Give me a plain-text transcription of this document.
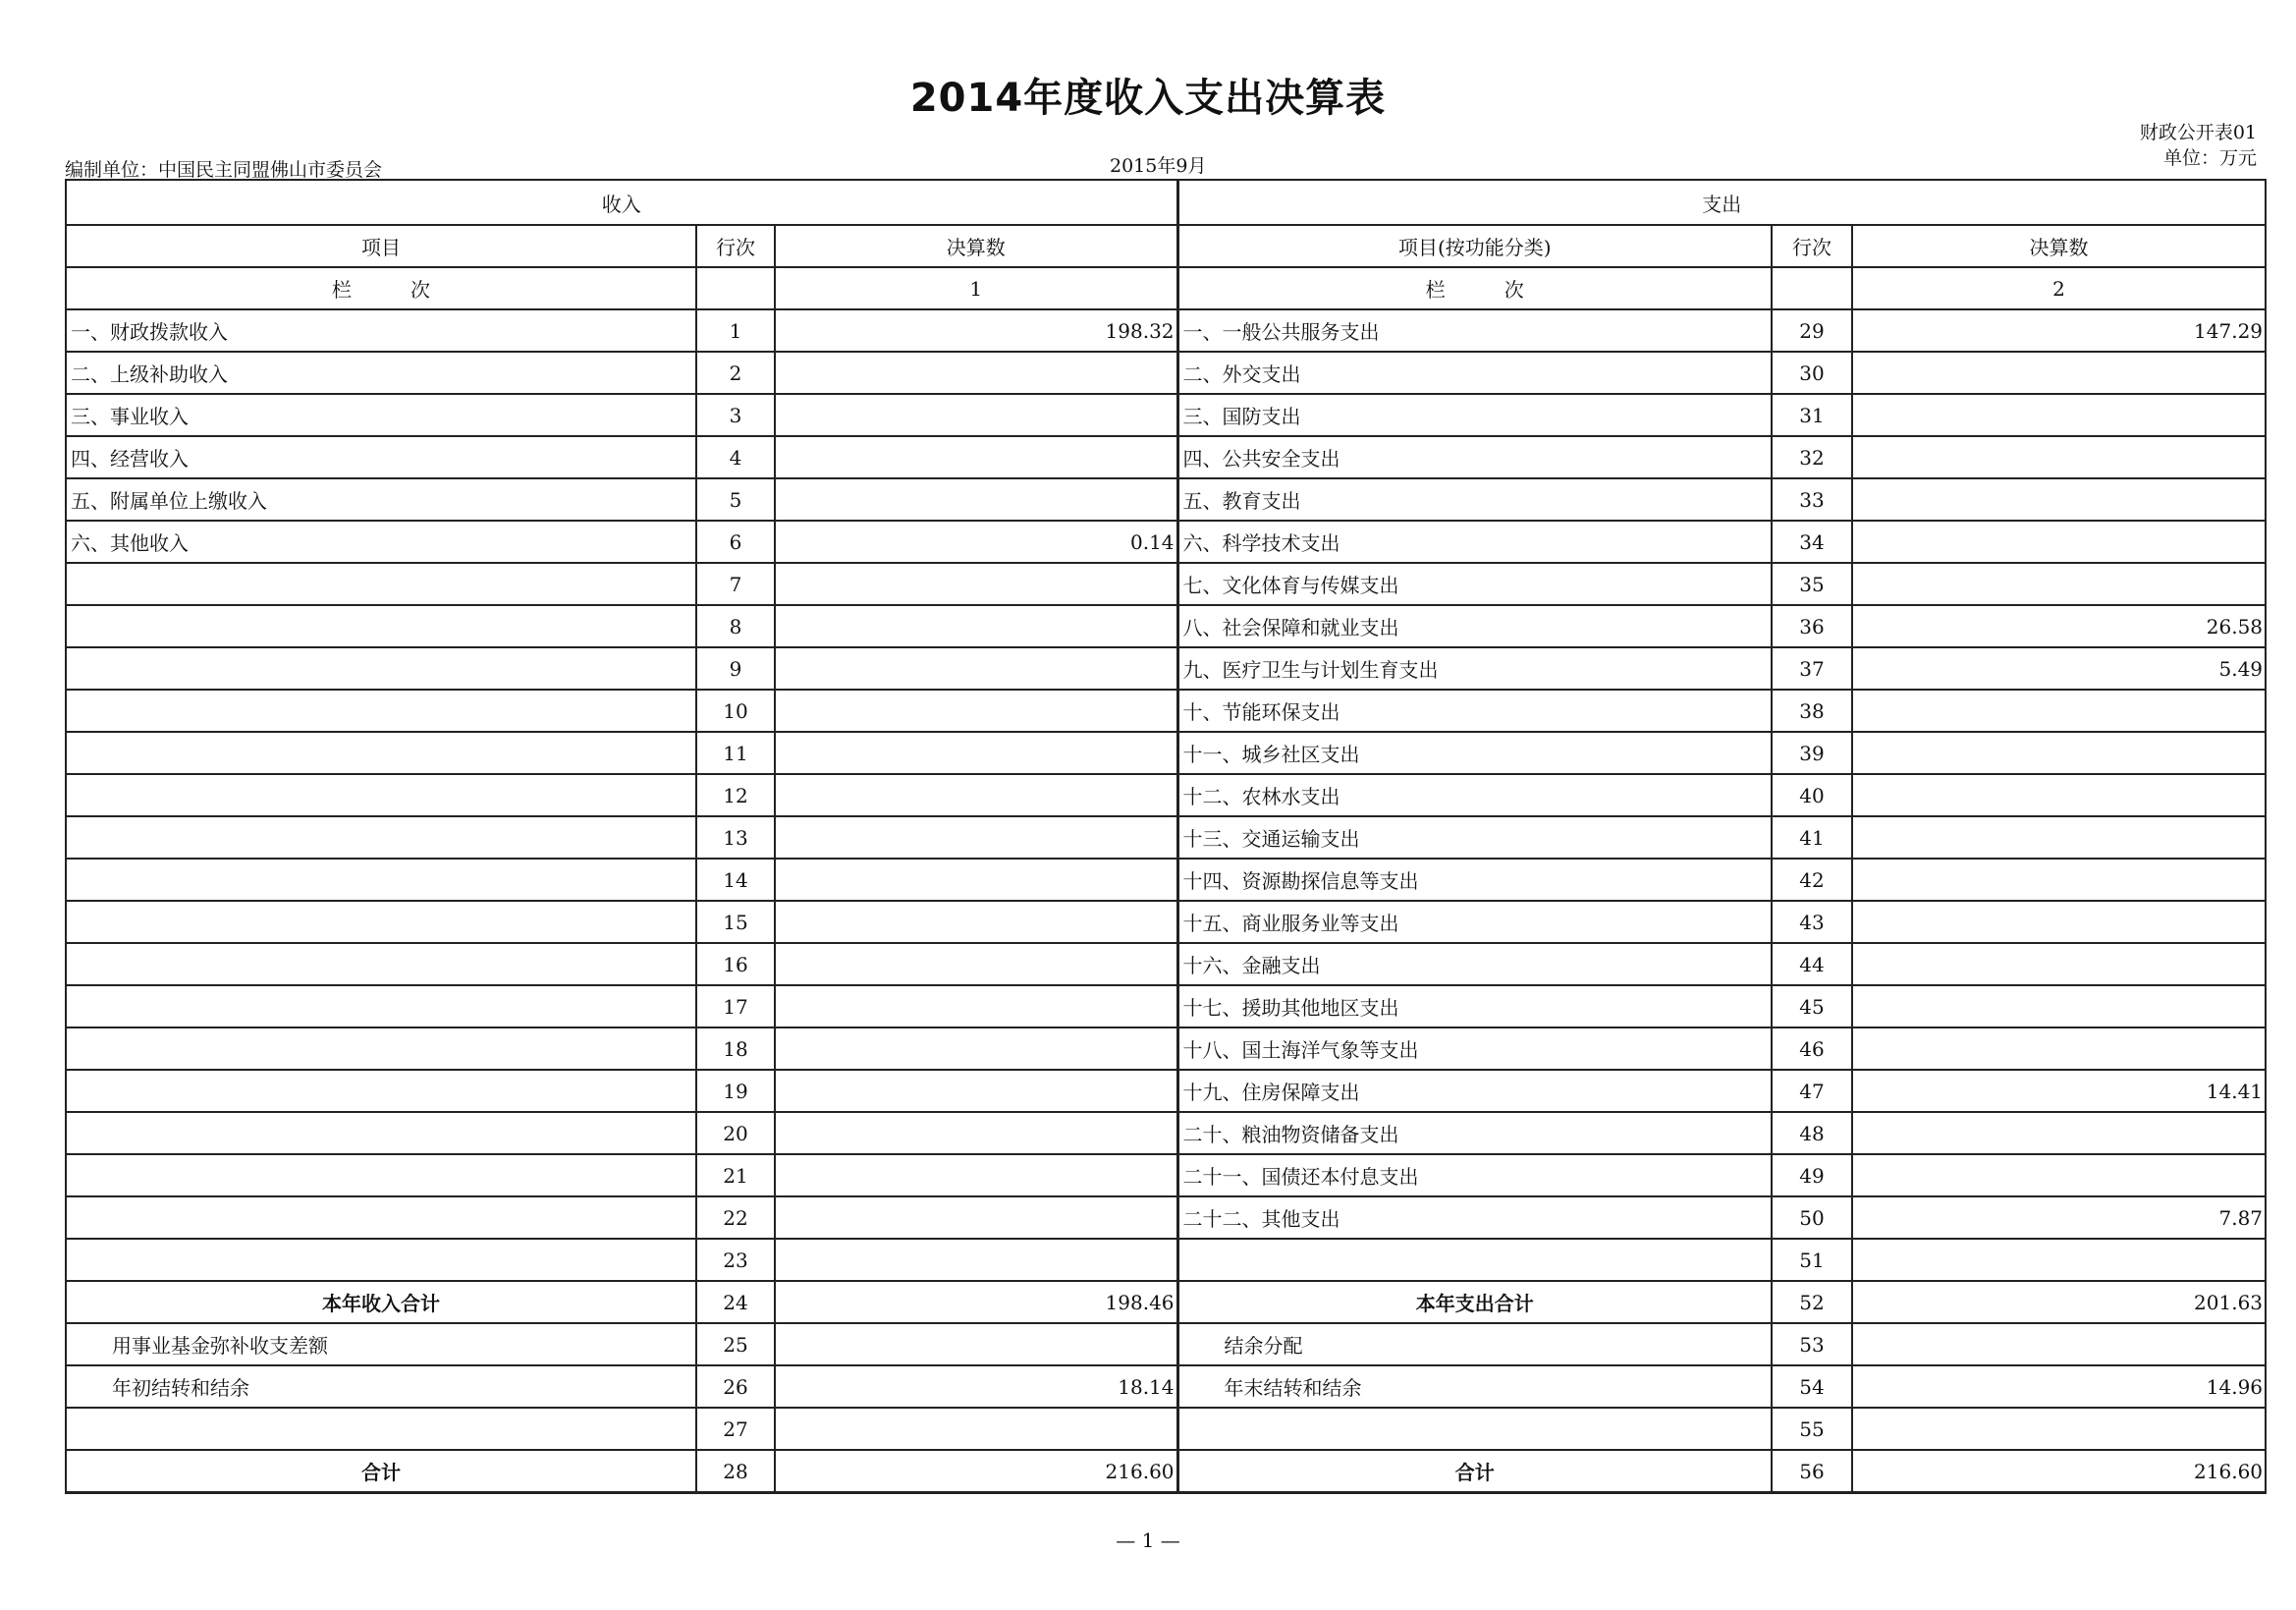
2014年度收入支出决算表
财政公开表01
单位：万元
编制单位：中国民主同盟佛山市委员会	2015年9月
收入			支出		
项目	行次	决算数	项目(按功能分类)	行次	决算数
栏　　　次		1	栏　　　次		2
一、财政拨款收入	1	198.32	一、一般公共服务支出	29	147.29
二、上级补助收入	2		二、外交支出	30	
三、事业收入	3		三、国防支出	31	
四、经营收入	4		四、公共安全支出	32	
五、附属单位上缴收入	5		五、教育支出	33	
六、其他收入	6	0.14	六、科学技术支出	34	
	7		七、文化体育与传媒支出	35	
	8		八、社会保障和就业支出	36	26.58
	9		九、医疗卫生与计划生育支出	37	5.49
	10		十、节能环保支出	38	
	11		十一、城乡社区支出	39	
	12		十二、农林水支出	40	
	13		十三、交通运输支出	41	
	14		十四、资源勘探信息等支出	42	
	15		十五、商业服务业等支出	43	
	16		十六、金融支出	44	
	17		十七、援助其他地区支出	45	
	18		十八、国土海洋气象等支出	46	
	19		十九、住房保障支出	47	14.41
	20		二十、粮油物资储备支出	48	
	21		二十一、国债还本付息支出	49	
	22		二十二、其他支出	50	7.87
	23			51	
本年收入合计	24	198.46	本年支出合计	52	201.63
用事业基金弥补收支差额	25		结余分配	53	
年初结转和结余	26	18.14	年末结转和结余	54	14.96
	27			55	
合计	28	216.60	合计	56	216.60
— 1 —
